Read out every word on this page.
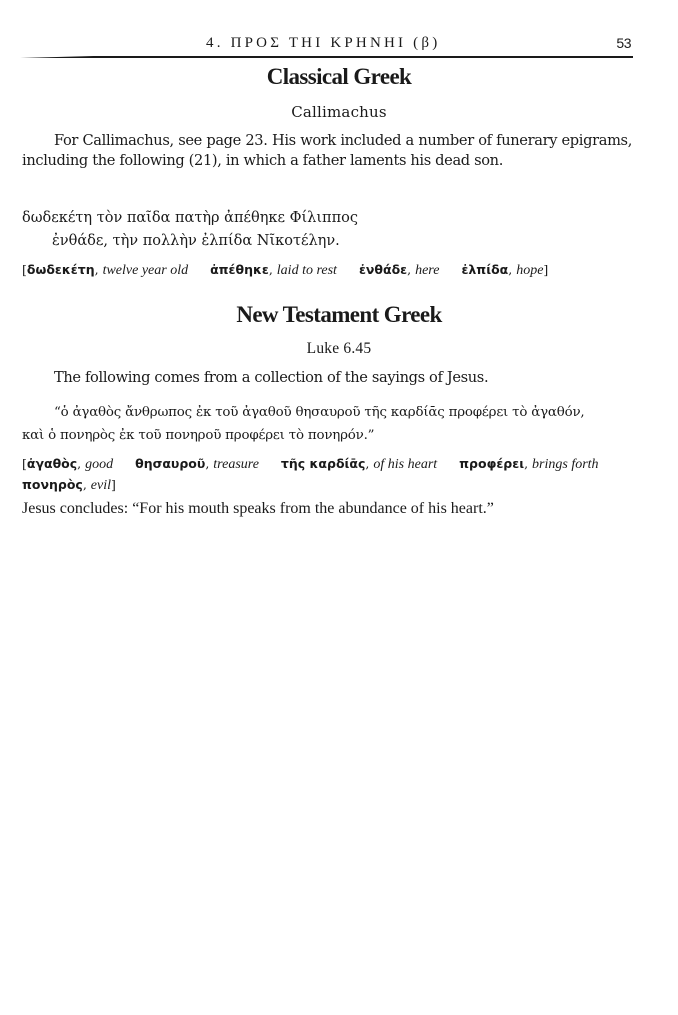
4. ΠΡΟΣ ΤΗΙ ΚΡΗΝΗΙ (β)	53
Classical Greek
Callimachus

For Callimachus, see page 23. His work included a number of funerary epigrams, including the following (21), in which a father laments his dead son.

δωδεκέτη τὸν παῖδα πατὴρ ἀπέθηκε Φίλιππος
ἐνθάδε, τὴν πολλὴν ἐλπίδα Νῖκοτέλην.
[δωδεκέτη, twelve year old ἀπέθηκε, laid to rest ἐνθάδε, here ἐλπίδα, hope]
New Testament Greek
Luke 6.45

The following comes from a collection of the sayings of Jesus.

“ὁ ἀγαθὸς ἄνθρωπος ἐκ τοῦ ἀγαθοῦ θησαυροῦ τῆς καρδίᾱς προφέρει τὸ ἀγαθόν,
καὶ ὁ πονηρὸς ἐκ τοῦ πονηροῦ προφέρει τὸ πονηρόν.”
[ἀγαθὸς, good θησαυροῦ, treasure τῆς καρδίᾱς, of his heart προφέρει, brings forth πονηρὸς, evil]

Jesus concludes: “For his mouth speaks from the abundance of his heart.”
